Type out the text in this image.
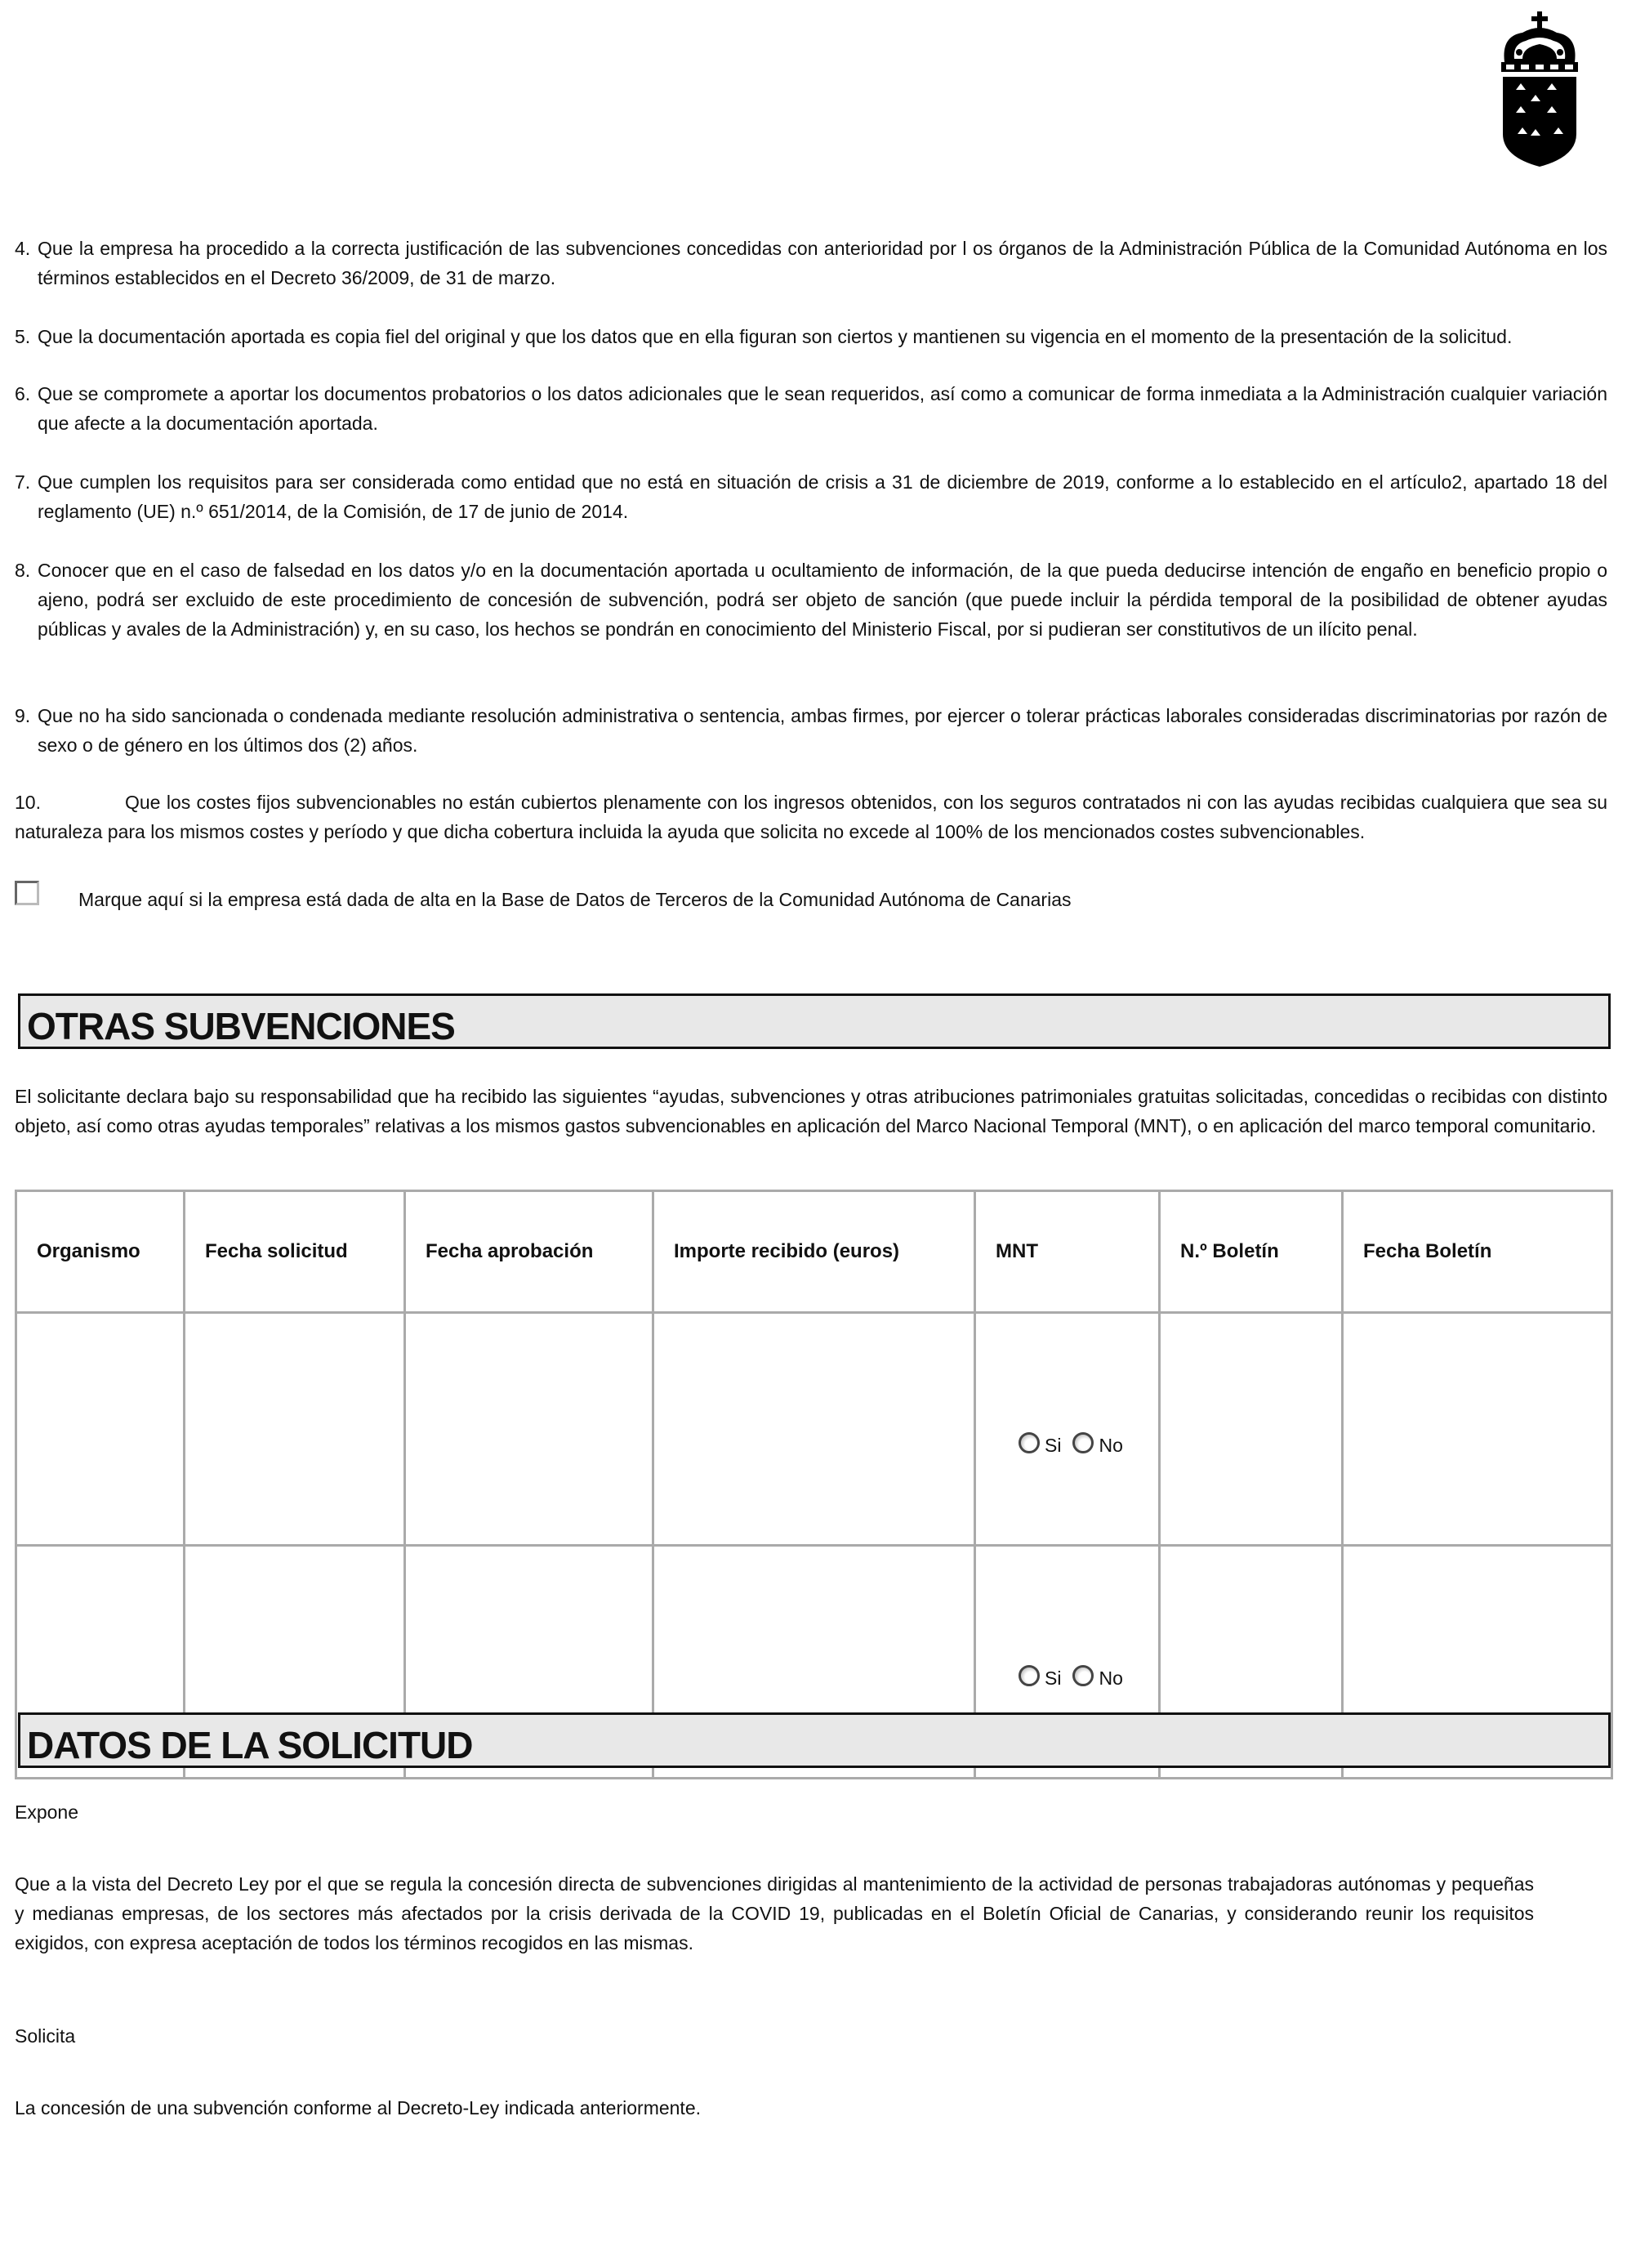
4. Que la empresa ha procedido a la correcta justificación de las subvenciones concedidas con anterioridad por l os órganos de la Administración Pública de la Comunidad Autónoma en los términos establecidos en el Decreto 36/2009, de 31 de marzo.
5. Que la documentación aportada es copia fiel del original y que los datos que en ella figuran son ciertos y mantienen su vigencia en el momento de la presentación de la solicitud.
6. Que se compromete a aportar los documentos probatorios o los datos adicionales que le sean requeridos, así como a comunicar de forma inmediata a la Administración cualquier variación que afecte a la documentación aportada.
7. Que cumplen los requisitos para ser considerada como entidad que no está en situación de crisis a 31 de diciembre de 2019, conforme a lo establecido en el artículo2, apartado 18 del reglamento (UE) n.º 651/2014, de la Comisión, de 17 de junio de 2014.
8. Conocer que en el caso de falsedad en los datos y/o en la documentación aportada u ocultamiento de información, de la que pueda deducirse intención de engaño en beneficio propio o ajeno, podrá ser excluido de este procedimiento de concesión de subvención, podrá ser objeto de sanción (que puede incluir la pérdida temporal de la posibilidad de obtener ayudas públicas y avales de la Administración) y, en su caso, los hechos se pondrán en conocimiento del Ministerio Fiscal, por si pudieran ser constitutivos de un ilícito penal.
9. Que no ha sido sancionada o condenada mediante resolución administrativa o sentencia, ambas firmes, por ejercer o tolerar prácticas laborales consideradas discriminatorias por razón de sexo o de género en los últimos dos (2) años.
10.	Que los costes fijos subvencionables no están cubiertos plenamente con los ingresos obtenidos, con los seguros contratados ni con las ayudas recibidas cualquiera que sea su naturaleza para los mismos costes y período y que dicha cobertura incluida la ayuda que solicita no excede al 100% de los mencionados costes subvencionables.
Marque aquí si la empresa está dada de alta en la Base de Datos de Terceros de la Comunidad Autónoma de Canarias
OTRAS SUBVENCIONES
El solicitante declara bajo su responsabilidad que ha recibido las siguientes “ayudas, subvenciones y otras atribuciones patrimoniales gratuitas solicitadas, concedidas o recibidas con distinto objeto, así como otras ayudas temporales” relativas a los mismos gastos subvencionables en aplicación del Marco Nacional Temporal (MNT), o en aplicación del marco temporal comunitario.
Organismo	Fecha solicitud	Fecha aprobación	Importe recibido (euros)	MNT	N.º Boletín	Fecha Boletín
				Si No		
				Si No		
DATOS DE LA SOLICITUD
Expone
Que a la vista del Decreto Ley por el que se regula la concesión directa de subvenciones dirigidas al mantenimiento de la actividad de personas trabajadoras autónomas y pequeñas y medianas empresas, de los sectores más afectados por la crisis derivada de la COVID 19, publicadas en el Boletín Oficial de Canarias, y considerando reunir los requisitos exigidos, con expresa aceptación de todos los términos recogidos en las mismas.
Solicita
La concesión de una subvención conforme al Decreto-Ley indicada anteriormente.
